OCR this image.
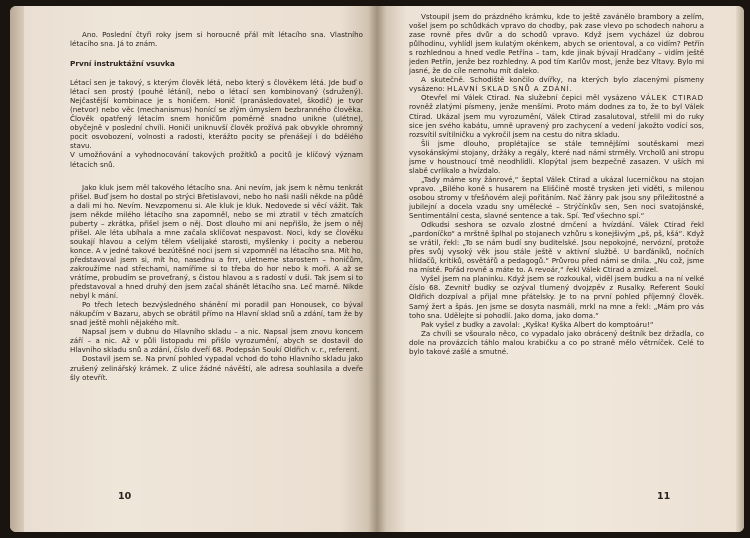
Ano. Poslední čtyři roky jsem si horoucně přál mít létacího sna. Vlastního létacího sna. Já to znám.

První instruktážní vsuvka

Létací sen je takový, s kterým člověk létá, nebo který s člověkem létá. Jde buď o létací sen prostý (pouhé létání), nebo o létací sen kombinovaný (sdružený). Nejčastější kombinace je s honičem. Honič (pranásledovatel, škodič) je tvor (netvor) nebo věc (mechanismus) honící se zlým úmyslem bezbranného člověka. Člověk opatřený létacím snem honičům poměrně snadno unikne (ulétne), obyčejně v poslední chvíli. Honiči uniknuvší člověk prožívá pak obvykle ohromný pocit osvobození, volnosti a radosti, kterážto pocity se přenášejí i do bdělého stavu.

V umožňování a vyhodnocování takových prožitků a pocitů je klíčový význam létacích snů.

Jako kluk jsem měl takového létacího sna. Ani nevím, jak jsem k němu tenkrát přišel. Buď jsem ho dostal po strýci Břetislavovi, nebo ho naši našli někde na půdě a dali mi ho. Nevím. Nevzpomenu si. Ale kluk je kluk. Nedovede si věcí vážit. Tak jsem někde milého létacího sna zapomněl, nebo se mi ztratil v těch zmatcích puberty – zkrátka, přišel jsem o něj. Dost dlouho mi ani nepřišlo, že jsem o něj přišel. Ale léta ubíhala a mne začala sklíčovat nespavost. Noci, kdy se člověku soukají hlavou a celým tělem všelijaké starosti, myšlenky i pocity a neberou konce. A v jedné takové bezútěšné noci jsem si vzpomněl na létacího sna. Mít ho, představoval jsem si, mít ho, nasednu a frrr, uletneme starostem – honičům, zakroužíme nad střechami, namíříme si to třeba do hor nebo k moři. A až se vrátíme, probudím se proveťraný, s čistou hlavou a s radostí v duši. Tak jsem si to představoval a hned druhý den jsem začal shánět létacího sna. Leč marně. Nikde nebyl k mání.

Po třech letech bezvýsledného shánění mi poradil pan Honousek, co býval nákupčím v Bazaru, abych se obrátil přímo na Hlavní sklad snů a zdání, tam že by snad ještě mohli nějakého mít.

Napsal jsem v dubnu do Hlavního skladu – a nic. Napsal jsem znovu koncem září – a nic. Až v půli listopadu mi přišlo vyrozumění, abych se dostavil do Hlavního skladu snů a zdání, číslo dveří 68. Podepsán Soukí Oldřich v. r., referent.

Dostavil jsem se. Na první pohled vypadal vchod do toho Hlavního skladu jako zrušený zelinářský krámek. Z ulice žádné návěští, ale adresa souhlasila a dveře šly otevřít.

10

Vstoupil jsem do prázdného krámku, kde to ještě zavánělo brambory a zelím, vošel jsem po schůdkách vpravo do chodby, pak zase vlevo po schodech nahoru a zase rovně přes dvůr a do schodů vpravo. Když jsem vycházel úz dobrou půlhodinu, vyhlídl jsem kulatým okénkem, abych se orientoval, a co vidím? Petřín s rozhlednou a hned vedle Petřína – tam, kde jinak bývají Hradčany – vidím ještě jeden Petřín, jenže bez rozhledny. A pod tím Karlův most, jenže bez Vltavy. Bylo mi jasné, že do cíle nemohu mít daleko.

A skutečně. Schodiště končilo dvířky, na kterých bylo zlacenými písmeny vysázeno: HLAVNÍ SKLAD SNŮ A ZDÁNÍ.

Otevřel mi Válek Ctirad. Na služební čepici měl vysázeno VÁLEK CTIRAD rovněž zlatými písmeny, jenže menšími. Proto mám dodnes za to, že to byl Válek Ctirad. Ukázal jsem mu vyrozumění, Válek Ctirad zasalutoval, střelil mi do ruky sice jen svého kabátu, umně upravený pro zachycení a vedení jakožto vodící sos, rozsvítil svítilničku a vykročil jsem na cestu do nitra skladu.

Šli jsme dlouho, proplétajíce se stále temnějšími soutěskami mezi vysokánskými stojany, držáky a regály, které nad námi strměly. Vrcholů ani stropu jsme v houstnoucí tmě neodhlídli. Klopýtal jsem bezpečně zasazen. V uších mi slabě cvrlikalo a hvízdalo.

„Tady máme sny žánrové,“ šeptal Válek Ctirad a ukázal lucerničkou na stojan vpravo. „Bílého koně s husarem na Eliščině mostě trysken jeti viděti, s milenou osobou stromy v třešňovém aleji pořitáním. Nač žánry pak jsou sny přiležitostné a jubilejní a docela vzadu sny umělecké – Strýčínkův sen, Sen noci svatojánské, Sentimentální cesta, slavné sentence a tak. Spí. Teď všechno spí.“

Odkudsi seshora se ozvalo zlostné drnčení a hvízdání. Válek Ctirad řekl „pardoníčko“ a mrštně šplhal po stojanech vzhůru s konejšivým „pš, pš, kšá“. Když se vrátil, řekl: „To se nám budí sny buditelské. Jsou nepokojné, nervózní, protože přes svůj vysoký věk jsou stále ještě v aktivní službě. U barďáníků, nočních hlídačů, kritiků, osvětářů a pedagogů.“ Průvrou před námi se dnila. „Nu což, jsme na místě. Pořád rovně a máte to. A revoár,“ řekl Válek Ctirad a zmizel.

Vyšel jsem na planinku. Když jsem se rozkoukal, viděl jsem budku a na ní velké číslo 68. Zevnitř budky se ozýval tlumený dvojzpěv z Rusalky. Referent Soukí Oldřich dozpíval a přijal mne přátelsky. Je to na první pohled příjemný člověk. Samý žert a špás. Jen jsme se dosyta nasmáli, mrkl na mne a řekl: „Mám pro vás toho sna. Udělejte si pohodlí. Jako doma, jako doma.“

Pak vyšel z budky a zavolal: „Kyška! Kyška Albert do komptoáru!“

Za chvíli se všouralo něco, co vypadalo jako obrácený deštník bez držadla, co dole na provázcích táhlo malou krabičku a co po straně mělo větrníček. Celé to bylo takové zašlé a smutné.

11
